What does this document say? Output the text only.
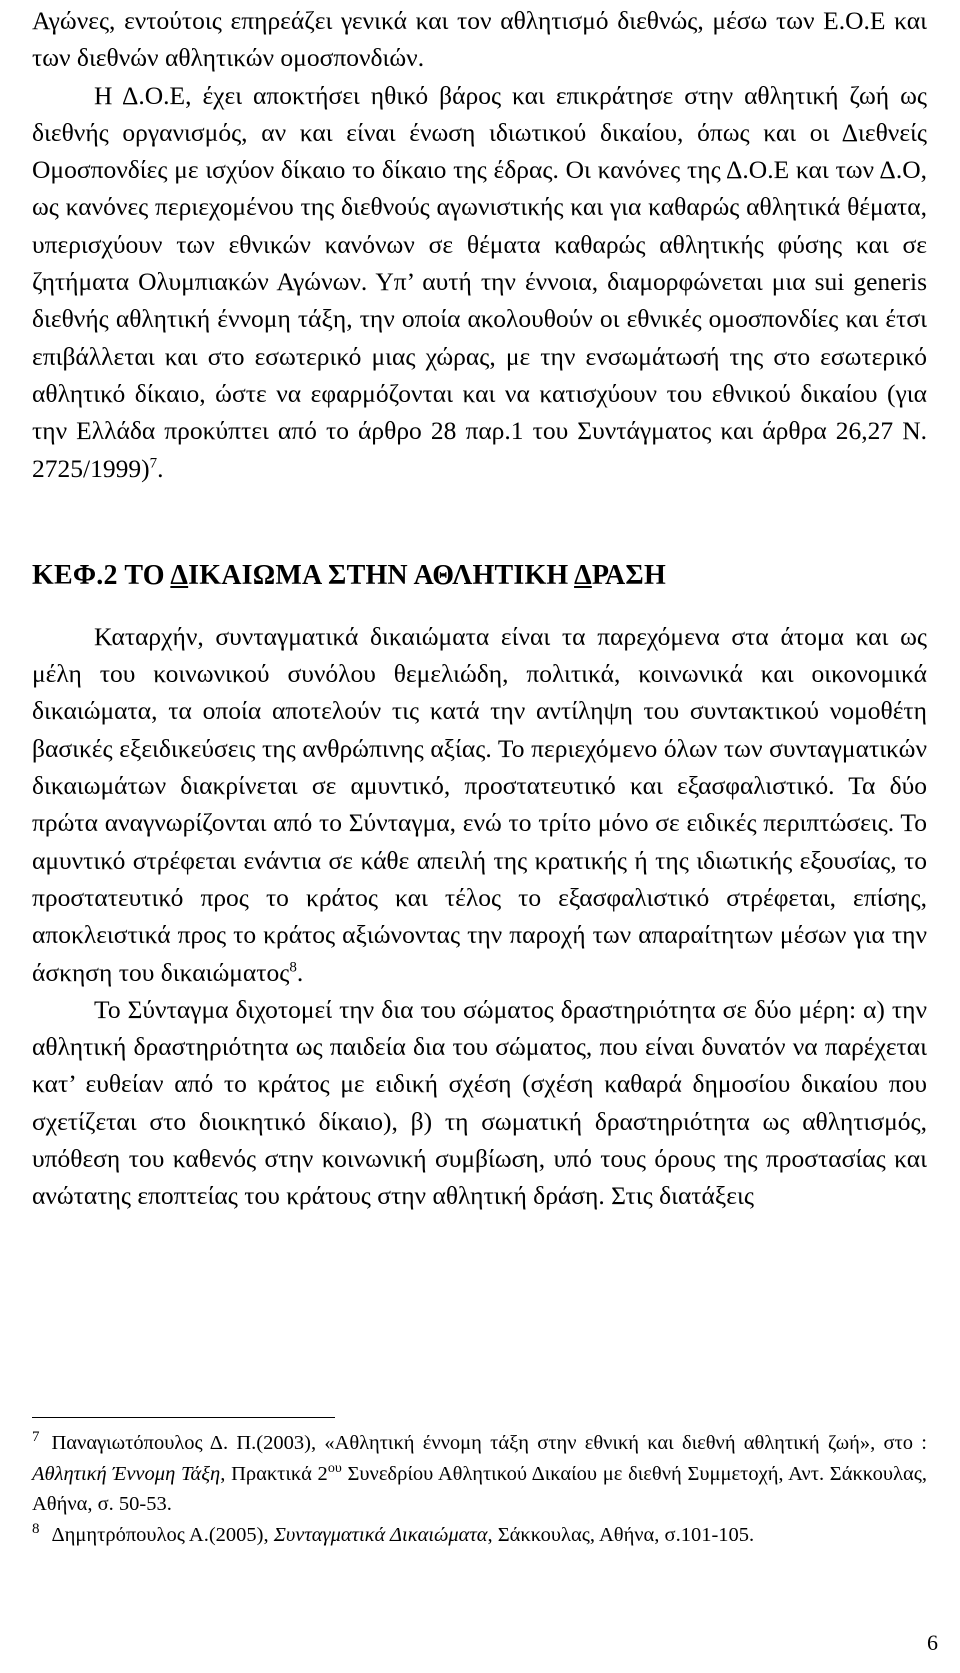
Αγώνες, εντούτοις επηρεάζει γενικά και τον αθλητισμό διεθνώς, μέσω των Ε.Ο.Ε και των διεθνών αθλητικών ομοσπονδιών.

Η Δ.Ο.Ε, έχει αποκτήσει ηθικό βάρος και επικράτησε στην αθλητική ζωή ως διεθνής οργανισμός, αν και είναι ένωση ιδιωτικού δικαίου, όπως και οι Διεθνείς Ομοσπονδίες με ισχύον δίκαιο το δίκαιο της έδρας. Οι κανόνες της Δ.Ο.Ε και των Δ.Ο, ως κανόνες περιεχομένου της διεθνούς αγωνιστικής και για καθαρώς αθλητικά θέματα, υπερισχύουν των εθνικών κανόνων σε θέματα καθαρώς αθλητικής φύσης και σε ζητήματα Ολυμπιακών Αγώνων. Υπ’ αυτή την έννοια, διαμορφώνεται μια sui generis διεθνής αθλητική έννομη τάξη, την οποία ακολουθούν οι εθνικές ομοσπονδίες και έτσι επιβάλλεται και στο εσωτερικό μιας χώρας, με την ενσωμάτωσή της στο εσωτερικό αθλητικό δίκαιο, ώστε να εφαρμόζονται και να κατισχύουν του εθνικού δικαίου (για την Ελλάδα προκύπτει από το άρθρο 28 παρ.1 του Συντάγματος και άρθρα 26,27 Ν. 2725/1999)$^7$.

ΚΕΦ.2 ΤΟ ΔΙΚΑΙΩΜΑ ΣΤΗΝ ΑΘΛΗΤΙΚΗ ΔΡΑΣΗ

Καταρχήν, συνταγματικά δικαιώματα είναι τα παρεχόμενα στα άτομα και ως μέλη του κοινωνικού συνόλου θεμελιώδη, πολιτικά, κοινωνικά και οικονομικά δικαιώματα, τα οποία αποτελούν τις κατά την αντίληψη του συντακτικού νομοθέτη βασικές εξειδικεύσεις της ανθρώπινης αξίας. Το περιεχόμενο όλων των συνταγματικών δικαιωμάτων διακρίνεται σε αμυντικό, προστατευτικό και εξασφαλιστικό. Τα δύο πρώτα αναγνωρίζονται από το Σύνταγμα, ενώ το τρίτο μόνο σε ειδικές περιπτώσεις. Το αμυντικό στρέφεται ενάντια σε κάθε απειλή της κρατικής ή της ιδιωτικής εξουσίας, το προστατευτικό προς το κράτος και τέλος το εξασφαλιστικό στρέφεται, επίσης, αποκλειστικά προς το κράτος αξιώνοντας την παροχή των απαραίτητων μέσων για την άσκηση του δικαιώματος$^8$.

Το Σύνταγμα διχοτομεί την δια του σώματος δραστηριότητα σε δύο μέρη: α) την αθλητική δραστηριότητα ως παιδεία δια του σώματος, που είναι δυνατόν να παρέχεται κατ’ ευθείαν από το κράτος με ειδική σχέση (σχέση καθαρά δημοσίου δικαίου που σχετίζεται στο διοικητικό δίκαιο), β) τη σωματική δραστηριότητα ως αθλητισμός, υπόθεση του καθενός στην κοινωνική συμβίωση, υπό τους όρους της προστασίας και ανώτατης εποπτείας του κράτους στην αθλητική δράση. Στις διατάξεις

$^7$ Παναγιωτόπουλος Δ. Π.(2003), «Αθλητική έννομη τάξη στην εθνική και διεθνή αθλητική ζωή», στο : Αθλητική Έννομη Τάξη, Πρακτικά $2^{o\upsilon}$ Συνεδρίου Αθλητικού Δικαίου με διεθνή Συμμετοχή, Αντ. Σάκκουλας, Αθήνα, σ. 50-53.

$^8$ Δημητρόπουλος Α.(2005), Συνταγματικά Δικαιώματα, Σάκκουλας, Αθήνα, σ.101-105.

6
